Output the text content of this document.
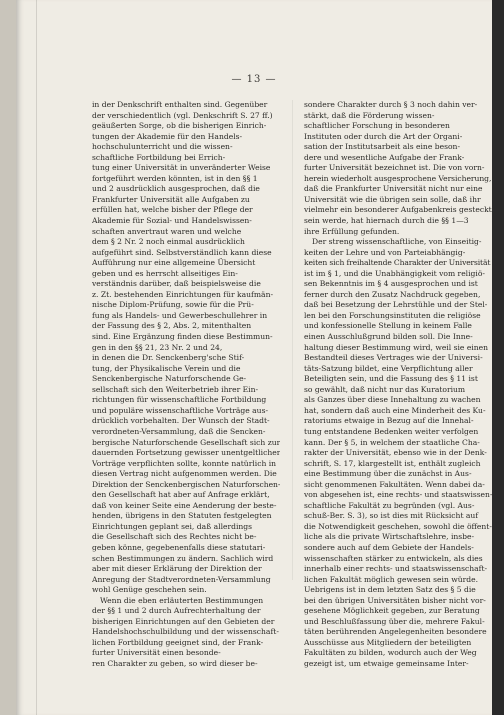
— 13 —
in der Denkschrift enthalten sind. Gegenüber
der verschiedentlich (vgl. Denkschrift S. 27 ff.)
geäußerten Sorge, ob die bisherigen Einrich-
tungen der Akademie für den Handels-
hochschulunterricht und die wissen-
schaftliche Fortbildung bei Errich-
tung einer Universität in unveränderter Weise
fortgeführt werden könnten, ist in den §§ 1
und 2 ausdrücklich ausgesprochen, daß die
Frankfurter Universität alle Aufgaben zu
erfüllen hat, welche bisher der Pflege der
Akademie für Sozial- und Handelswissen-
schaften anvertraut waren und welche
dem § 2 Nr. 2 noch einmal ausdrücklich
aufgeführt sind. Selbstverständlich kann diese
Aufführung nur eine allgemeine Übersicht
geben und es herrscht allseitiges Ein-
verständnis darüber, daß beispielsweise die
z. Zt. bestehenden Einrichtungen für kaufmän-
nische Diplom-Prüfung, sowie für die Prü-
fung als Handels- und Gewerbeschullehrer in
der Fassung des § 2, Abs. 2, mitenthalten
sind. Eine Ergänzung finden diese Bestimmun-
gen in den §§ 21, 23 Nr. 2 und 24,
in denen die Dr. Senckenberg'sche Stif-
tung, der Physikalische Verein und die
Senckenbergische Naturforschende Ge-
sellschaft sich den Weiterbetrieb ihrer Ein-
richtungen für wissenschaftliche Fortbildung
und populäre wissenschaftliche Vorträge aus-
drücklich vorbehalten. Der Wunsch der Stadt-
verordneten-Versammlung, daß die Sencken-
bergische Naturforschende Gesellschaft sich zur
dauernden Fortsetzung gewisser unentgeltlicher
Vorträge verpflichten sollte, konnte natürlich in
diesen Vertrag nicht aufgenommen werden. Die
Direktion der Senckenbergischen Naturforschen-
den Gesellschaft hat aber auf Anfrage erklärt,
daß von keiner Seite eine Aenderung der beste-
henden, übrigens in den Statuten festgelegten
Einrichtungen geplant sei, daß allerdings
die Gesellschaft sich des Rechtes nicht be-
geben könne, gegebenenfalls diese statutari-
schen Bestimmungen zu ändern. Sachlich wird
aber mit dieser Erklärung der Direktion der
Anregung der Stadtverordneten-Versammlung
wohl Genüge geschehen sein.
Wenn die eben erläuterten Bestimmungen
der §§ 1 und 2 durch Aufrechterhaltung der
bisherigen Einrichtungen auf den Gebieten der
Handelshochschulbildung und der wissenschaft-
lichen Fortbildung geeignet sind, der Frank-
furter Universität einen besonde-
ren Charakter zu geben, so wird dieser be-
sondere Charakter durch § 3 noch dahin ver-
stärkt, daß die Förderung wissen-
schaftlicher Forschung in besonderen
Instituten oder durch die Art der Organi-
sation der Institutsarbeit als eine beson-
dere und wesentliche Aufgabe der Frank-
furter Universität bezeichnet ist. Die von vorn-
herein wiederholt ausgesprochene Versicherung,
daß die Frankfurter Universität nicht nur eine
Universität wie die übrigen sein solle, daß ihr
vielmehr ein besonderer Aufgabenkreis gesteckt
sein werde, hat hiernach durch die §§ 1—3
ihre Erfüllung gefunden.
Der streng wissenschaftliche, von Einseitig-
keiten der Lehre und von Parteiabhängig-
keiten sich freihaltende Charakter der Universität
ist im § 1, und die Unabhängigkeit vom religiö-
sen Bekenntnis im § 4 ausgesprochen und ist
ferner durch den Zusatz Nachdruck gegeben,
daß bei Besetzung der Lehrstühle und der Stel-
len bei den Forschungsinstituten die religiöse
und konfessionelle Stellung in keinem Falle
einen Ausschlußgrund bilden soll. Die Inne-
haltung dieser Bestimmung wird, weil sie einen
Bestandteil dieses Vertrages wie der Universi-
täts-Satzung bildet, eine Verpflichtung aller
Beteiligten sein, und die Fassung des § 11 ist
so gewählt, daß nicht nur das Kuratorium
als Ganzes über diese Innehaltung zu wachen
hat, sondern daß auch eine Minderheit des Ku-
ratoriums etwaige in Bezug auf die Innehal-
tung entstandene Bedenken weiter verfolgen
kann. Der § 5, in welchem der staatliche Cha-
rakter der Universität, ebenso wie in der Denk-
schrift, S. 17, klargestellt ist, enthält zugleich
eine Bestimmung über die zunächst in Aus-
sicht genommenen Fakultäten. Wenn dabei da-
von abgesehen ist, eine rechts- und staatswissen-
schaftliche Fakultät zu begründen (vgl. Aus-
schuß-Ber. S. 3), so ist dies mit Rücksicht auf
die Notwendigkeit geschehen, sowohl die öffent-
liche als die private Wirtschaftslehre, insbe-
sondere auch auf dem Gebiete der Handels-
wissenschaften stärker zu entwickeln, als dies
innerhalb einer rechts- und staatswissenschaft-
lichen Fakultät möglich gewesen sein würde.
Uebrigens ist in dem letzten Satz des § 5 die
bei den übrigen Universitäten bisher nicht vor-
gesehene Möglichkeit gegeben, zur Beratung
und Beschlußfassung über die, mehrere Fakul-
täten berührenden Angelegenheiten besondere
Ausschüsse aus Mitgliedern der beteiligten
Fakultäten zu bilden, wodurch auch der Weg
gezeigt ist, um etwaige gemeinsame Inter-
